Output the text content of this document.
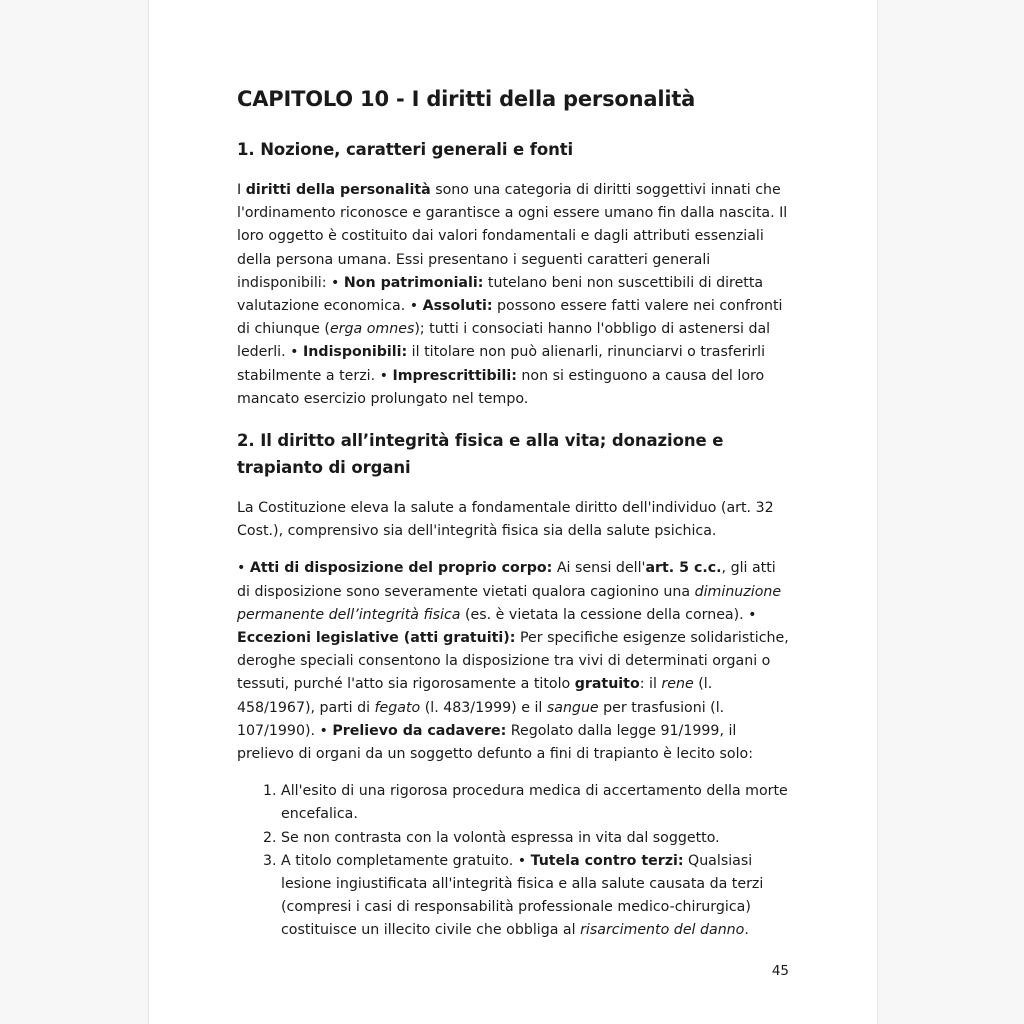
CAPITOLO 10 - I diritti della personalità
1. Nozione, caratteri generali e fonti

I diritti della personalità sono una categoria di diritti soggettivi innati che l'ordinamento riconosce e garantisce a ogni essere umano fin dalla nascita. Il loro oggetto è costituito dai valori fondamentali e dagli attributi essenziali della persona umana. Essi presentano i seguenti caratteri generali indisponibili: • Non patrimoniali: tutelano beni non suscettibili di diretta valutazione economica. • Assoluti: possono essere fatti valere nei confronti di chiunque (erga omnes); tutti i consociati hanno l'obbligo di astenersi dal lederli. • Indisponibili: il titolare non può alienarli, rinunciarvi o trasferirli stabilmente a terzi. • Imprescrittibili: non si estinguono a causa del loro mancato esercizio prolungato nel tempo.

2. Il diritto all’integrità fisica e alla vita; donazione e trapianto di organi

La Costituzione eleva la salute a fondamentale diritto dell'individuo (art. 32 Cost.), comprensivo sia dell'integrità fisica sia della salute psichica.

• Atti di disposizione del proprio corpo: Ai sensi dell'art. 5 c.c., gli atti di disposizione sono severamente vietati qualora cagionino una diminuzione permanente dell’integrità fisica (es. è vietata la cessione della cornea). • Eccezioni legislative (atti gratuiti): Per specifiche esigenze solidaristiche, deroghe speciali consentono la disposizione tra vivi di determinati organi o tessuti, purché l'atto sia rigorosamente a titolo gratuito: il rene (l. 458/1967), parti di fegato (l. 483/1999) e il sangue per trasfusioni (l. 107/1990). • Prelievo da cadavere: Regolato dalla legge 91/1999, il prelievo di organi da un soggetto defunto a fini di trapianto è lecito solo:

1. All'esito di una rigorosa procedura medica di accertamento della morte encefalica.
2. Se non contrasta con la volontà espressa in vita dal soggetto.
3. A titolo completamente gratuito. • Tutela contro terzi: Qualsiasi lesione ingiustificata all'integrità fisica e alla salute causata da terzi (compresi i casi di responsabilità professionale medico-chirurgica) costituisce un illecito civile che obbliga al risarcimento del danno.
45
